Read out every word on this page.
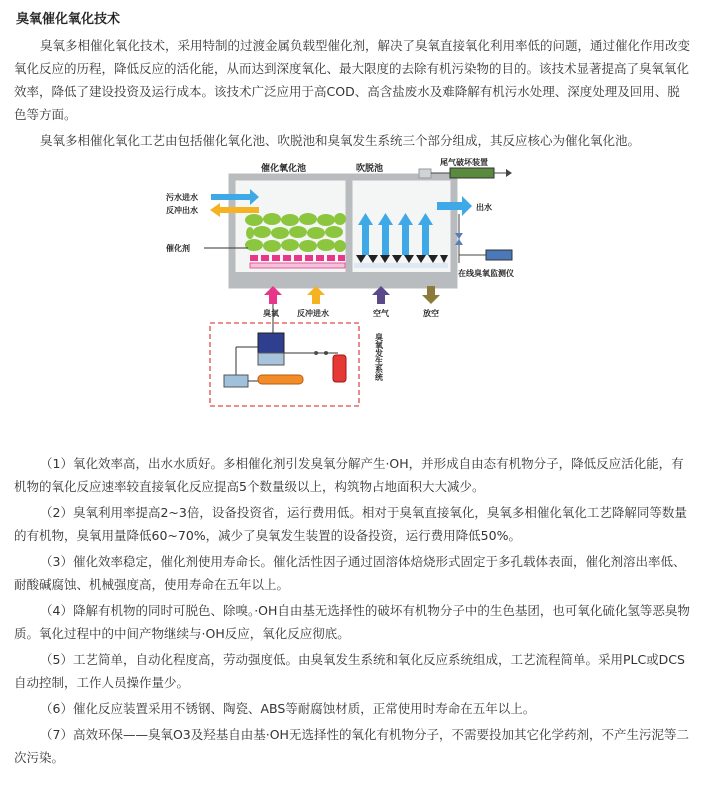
臭氧催化氧化技术

臭氧多相催化氧化技术，采用特制的过渡金属负载型催化剂，解决了臭氧直接氧化利用率低的问题，通过催化作用改变氧化反应的历程，降低反应的活化能，从而达到深度氧化、最大限度的去除有机污染物的目的。该技术显著提高了臭氧氧化效率，降低了建设投资及运行成本。该技术广泛应用于高COD、高含盐废水及难降解有机污水处理、深度处理及回用、脱色等方面。

臭氧多相催化氧化工艺由包括催化氧化池、吹脱池和臭氧发生系统三个部分组成，其反应核心为催化氧化池。

催化氧化池	吹脱池
尾气破坏装置
污水进水
反冲出水
催化剂
出水
在线臭氧监测仪
臭氧 反冲进水	空气	放空
臭氧发生系统

（1）氧化效率高，出水水质好。多相催化剂引发臭氧分解产生·OH，并形成自由态有机物分子，降低反应活化能，有机物的氧化反应速率较直接氧化反应提高5个数量级以上，构筑物占地面积大大减少。

（2）臭氧利用率提高2~3倍，设备投资省，运行费用低。相对于臭氧直接氧化，臭氧多相催化氧化工艺降解同等数量的有机物，臭氧用量降低60~70%，减少了臭氧发生装置的设备投资，运行费用降低50%。

（3）催化效率稳定，催化剂使用寿命长。催化活性因子通过固溶体焙烧形式固定于多孔载体表面，催化剂溶出率低、耐酸碱腐蚀、机械强度高，使用寿命在五年以上。

（4）降解有机物的同时可脱色、除嗅。·OH自由基无选择性的破坏有机物分子中的生色基团，也可氧化硫化氢等恶臭物质。氧化过程中的中间产物继续与·OH反应，氧化反应彻底。

（5）工艺简单，自动化程度高，劳动强度低。由臭氧发生系统和氧化反应系统组成，工艺流程简单。采用PLC或DCS自动控制，工作人员操作量少。

（6）催化反应装置采用不锈钢、陶瓷、ABS等耐腐蚀材质，正常使用时寿命在五年以上。

（7）高效环保——臭氧O3及羟基自由基·OH无选择性的氧化有机物分子，不需要投加其它化学药剂，不产生污泥等二次污染。
